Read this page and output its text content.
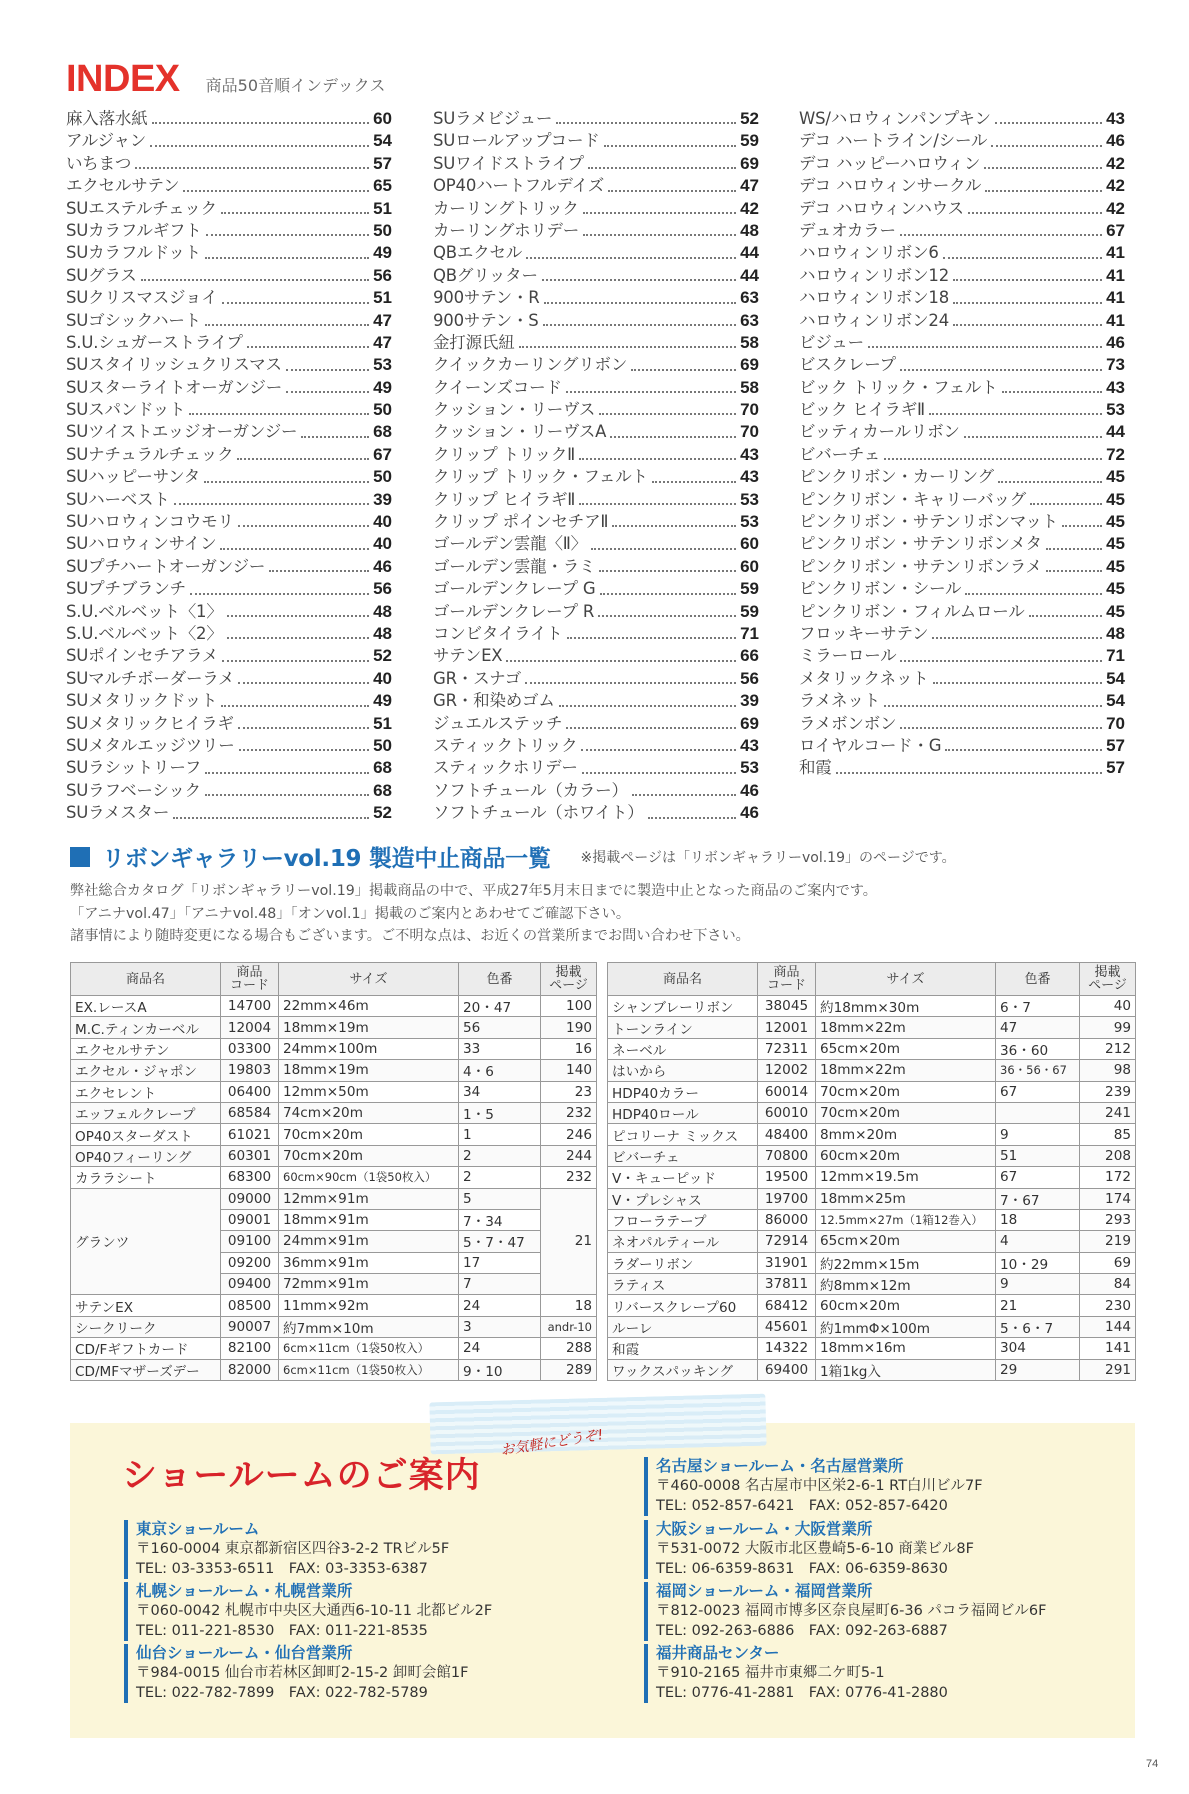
INDEX 商品50音順インデックス
麻入落水紙	60
アルジャン	54
いちまつ	57
エクセルサテン	65
SUエステルチェック	51
SUカラフルギフト	50
SUカラフルドット	49
SUグラス	56
SUクリスマスジョイ	51
SUゴシックハート	47
S.U.シュガーストライプ	47
SUスタイリッシュクリスマス	53
SUスターライトオーガンジー	49
SUスパンドット	50
SUツイストエッジオーガンジー	68
SUナチュラルチェック	67
SUハッピーサンタ	50
SUハーベスト	39
SUハロウィンコウモリ	40
SUハロウィンサイン	40
SUプチハートオーガンジー	46
SUプチブランチ	56
S.U.ベルベット〈1〉	48
S.U.ベルベット〈2〉	48
SUポインセチアラメ	52
SUマルチボーダーラメ	40
SUメタリックドット	49
SUメタリックヒイラギ	51
SUメタルエッジツリー	50
SUラシットリーフ	68
SUラフベーシック	68
SUラメスター	52
SUラメビジュー	52
SUロールアップコード	59
SUワイドストライプ	69
OP40ハートフルデイズ	47
カーリングトリック	42
カーリングホリデー	48
QBエクセル	44
QBグリッター	44
900サテン・R	63
900サテン・S	63
金打源氏紐	58
クイックカーリングリボン	69
クイーンズコード	58
クッション・リーヴス	70
クッション・リーヴスA	70
クリップ トリックⅡ	43
クリップ トリック・フェルト	43
クリップ ヒイラギⅡ	53
クリップ ポインセチアⅡ	53
ゴールデン雲龍〈Ⅱ〉	60
ゴールデン雲龍・ラミ	60
ゴールデンクレープ G	59
ゴールデンクレープ R	59
コンビタイライト	71
サテンEX	66
GR・スナゴ	56
GR・和染めゴム	39
ジュエルステッチ	69
スティックトリック	43
スティックホリデー	53
ソフトチュール（カラー）	46
ソフトチュール（ホワイト）	46
WS/ハロウィンパンプキン	43
デコ ハートライン/シール	46
デコ ハッピーハロウィン	42
デコ ハロウィンサークル	42
デコ ハロウィンハウス	42
デュオカラー	67
ハロウィンリボン6	41
ハロウィンリボン12	41
ハロウィンリボン18	41
ハロウィンリボン24	41
ビジュー	46
ビスクレープ	73
ビック トリック・フェルト	43
ビック ヒイラギⅡ	53
ビッティカールリボン	44
ビバーチェ	72
ピンクリボン・カーリング	45
ピンクリボン・キャリーバッグ	45
ピンクリボン・サテンリボンマット	45
ピンクリボン・サテンリボンメタ	45
ピンクリボン・サテンリボンラメ	45
ピンクリボン・シール	45
ピンクリボン・フィルムロール	45
フロッキーサテン	48
ミラーロール	71
メタリックネット	54
ラメネット	54
ラメボンボン	70
ロイヤルコード・G	57
和霞	57
リボンギャラリーvol.19 製造中止商品一覧 ※掲載ページは「リボンギャラリーvol.19」のページです。
弊社総合カタログ「リボンギャラリーvol.19」掲載商品の中で、平成27年5月末日までに製造中止となった商品のご案内です。
「アニナvol.47」「アニナvol.48」「オンvol.1」掲載のご案内とあわせてご確認下さい。
諸事情により随時変更になる場合もございます。ご不明な点は、お近くの営業所までお問い合わせ下さい。
商品名	商品
コード	サイズ	色番	掲載
ページ
EX.レースA	14700	22mm×46m	20・47	100
M.C.ティンカーベル	12004	18mm×19m	56	190
エクセルサテン	03300	24mm×100m	33	16
エクセル・ジャポン	19803	18mm×19m	4・6	140
エクセレント	06400	12mm×50m	34	23
エッフェルクレープ	68584	74cm×20m	1・5	232
OP40スターダスト	61021	70cm×20m	1	246
OP40フィーリング	60301	70cm×20m	2	244
カララシート	68300	60cm×90cm（1袋50枚入）	2	232
グランツ	09000	12mm×91m	5	21
	09001	18mm×91m	7・34	
	09100	24mm×91m	5・7・47	
	09200	36mm×91m	17	
	09400	72mm×91m	7	
サテンEX	08500	11mm×92m	24	18
シークリーク	90007	約7mm×10m	3	andr-10
CD/Fギフトカード	82100	6cm×11cm（1袋50枚入）	24	288
CD/MFマザーズデー	82000	6cm×11cm（1袋50枚入）	9・10	289
商品名	商品
コード	サイズ	色番	掲載
ページ
シャンブレーリボン	38045	約18mm×30m	6・7	40
トーンライン	12001	18mm×22m	47	99
ネーベル	72311	65cm×20m	36・60	212
はいから	12002	18mm×22m	36・56・67	98
HDP40カラー	60014	70cm×20m	67	239
HDP40ロール	60010	70cm×20m		241
ピコリーナ ミックス	48400	8mm×20m	9	85
ビバーチェ	70800	60cm×20m	51	208
V・キューピッド	19500	12mm×19.5m	67	172
V・プレシャス	19700	18mm×25m	7・67	174
フローラテープ	86000	12.5mm×27m（1箱12巻入）	18	293
ネオパルティール	72914	65cm×20m	4	219
ラダーリボン	31901	約22mm×15m	10・29	69
ラティス	37811	約8mm×12m	9	84
リバースクレープ60	68412	60cm×20m	21	230
ルーレ	45601	約1mmΦ×100m	5・6・7	144
和霞	14322	18mm×16m	304	141
ワックスパッキング	69400	1箱1kg入	29	291
お気軽にどうぞ!
ショールームのご案内
東京ショールーム
〒160-0004 東京都新宿区四谷3-2-2 TRビル5F
TEL: 03-3353-6511　FAX: 03-3353-6387
札幌ショールーム・札幌営業所
〒060-0042 札幌市中央区大通西6-10-11 北都ビル2F
TEL: 011-221-8530　FAX: 011-221-8535
仙台ショールーム・仙台営業所
〒984-0015 仙台市若林区卸町2-15-2 卸町会館1F
TEL: 022-782-7899　FAX: 022-782-5789
名古屋ショールーム・名古屋営業所
〒460-0008 名古屋市中区栄2-6-1 RT白川ビル7F
TEL: 052-857-6421　FAX: 052-857-6420
大阪ショールーム・大阪営業所
〒531-0072 大阪市北区豊崎5-6-10 商業ビル8F
TEL: 06-6359-8631　FAX: 06-6359-8630
福岡ショールーム・福岡営業所
〒812-0023 福岡市博多区奈良屋町6-36 パコラ福岡ビル6F
TEL: 092-263-6886　FAX: 092-263-6887
福井商品センター
〒910-2165 福井市東郷二ケ町5-1
TEL: 0776-41-2881　FAX: 0776-41-2880
74
